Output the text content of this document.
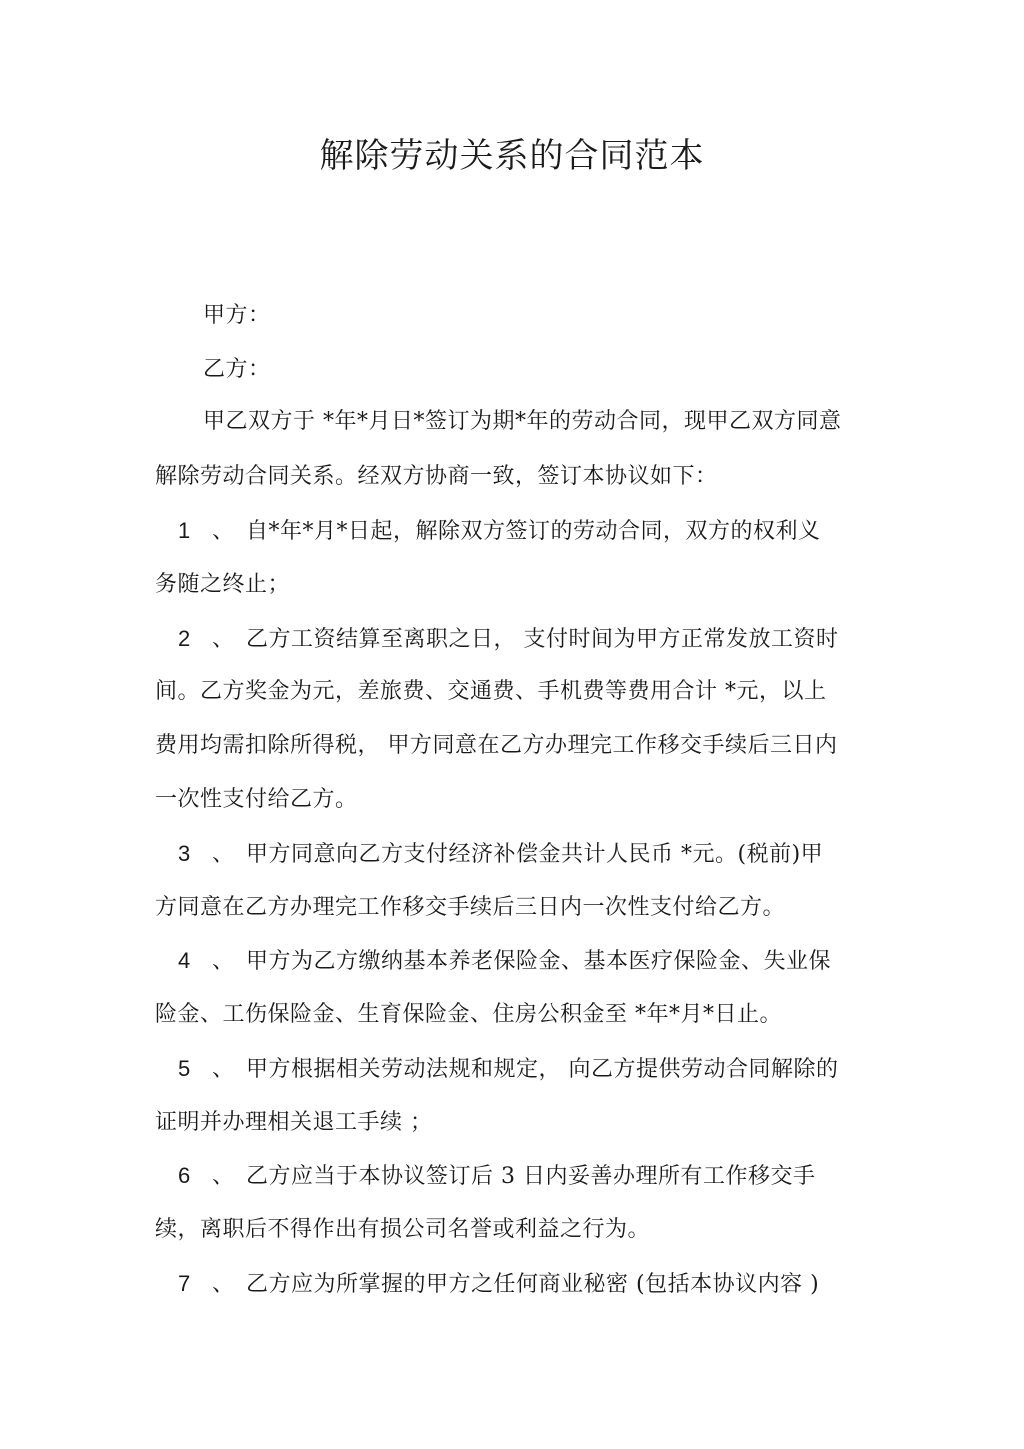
解除劳动关系的合同范本
甲方：
乙方：
甲乙双方于 *年*月日*签订为期*年的劳动合同，现甲乙双方同意
解除劳动合同关系。经双方协商一致，签订本协议如下：
1 、 自*年*月*日起，解除双方签订的劳动合同，双方的权利义
务随之终止；
2 、 乙方工资结算至离职之日， 支付时间为甲方正常发放工资时
间。乙方奖金为元，差旅费、交通费、手机费等费用合计 *元，以上
费用均需扣除所得税， 甲方同意在乙方办理完工作移交手续后三日内
一次性支付给乙方。
3 、 甲方同意向乙方支付经济补偿金共计人民币 *元。(税前)甲
方同意在乙方办理完工作移交手续后三日内一次性支付给乙方。
4 、 甲方为乙方缴纳基本养老保险金、基本医疗保险金、失业保
险金、工伤保险金、生育保险金、住房公积金至 *年*月*日止。
5 、 甲方根据相关劳动法规和规定， 向乙方提供劳动合同解除的
证明并办理相关退工手续 ；
6 、 乙方应当于本协议签订后 3 日内妥善办理所有工作移交手
续，离职后不得作出有损公司名誉或利益之行为。
7 、 乙方应为所掌握的甲方之任何商业秘密 (包括本协议内容 )
